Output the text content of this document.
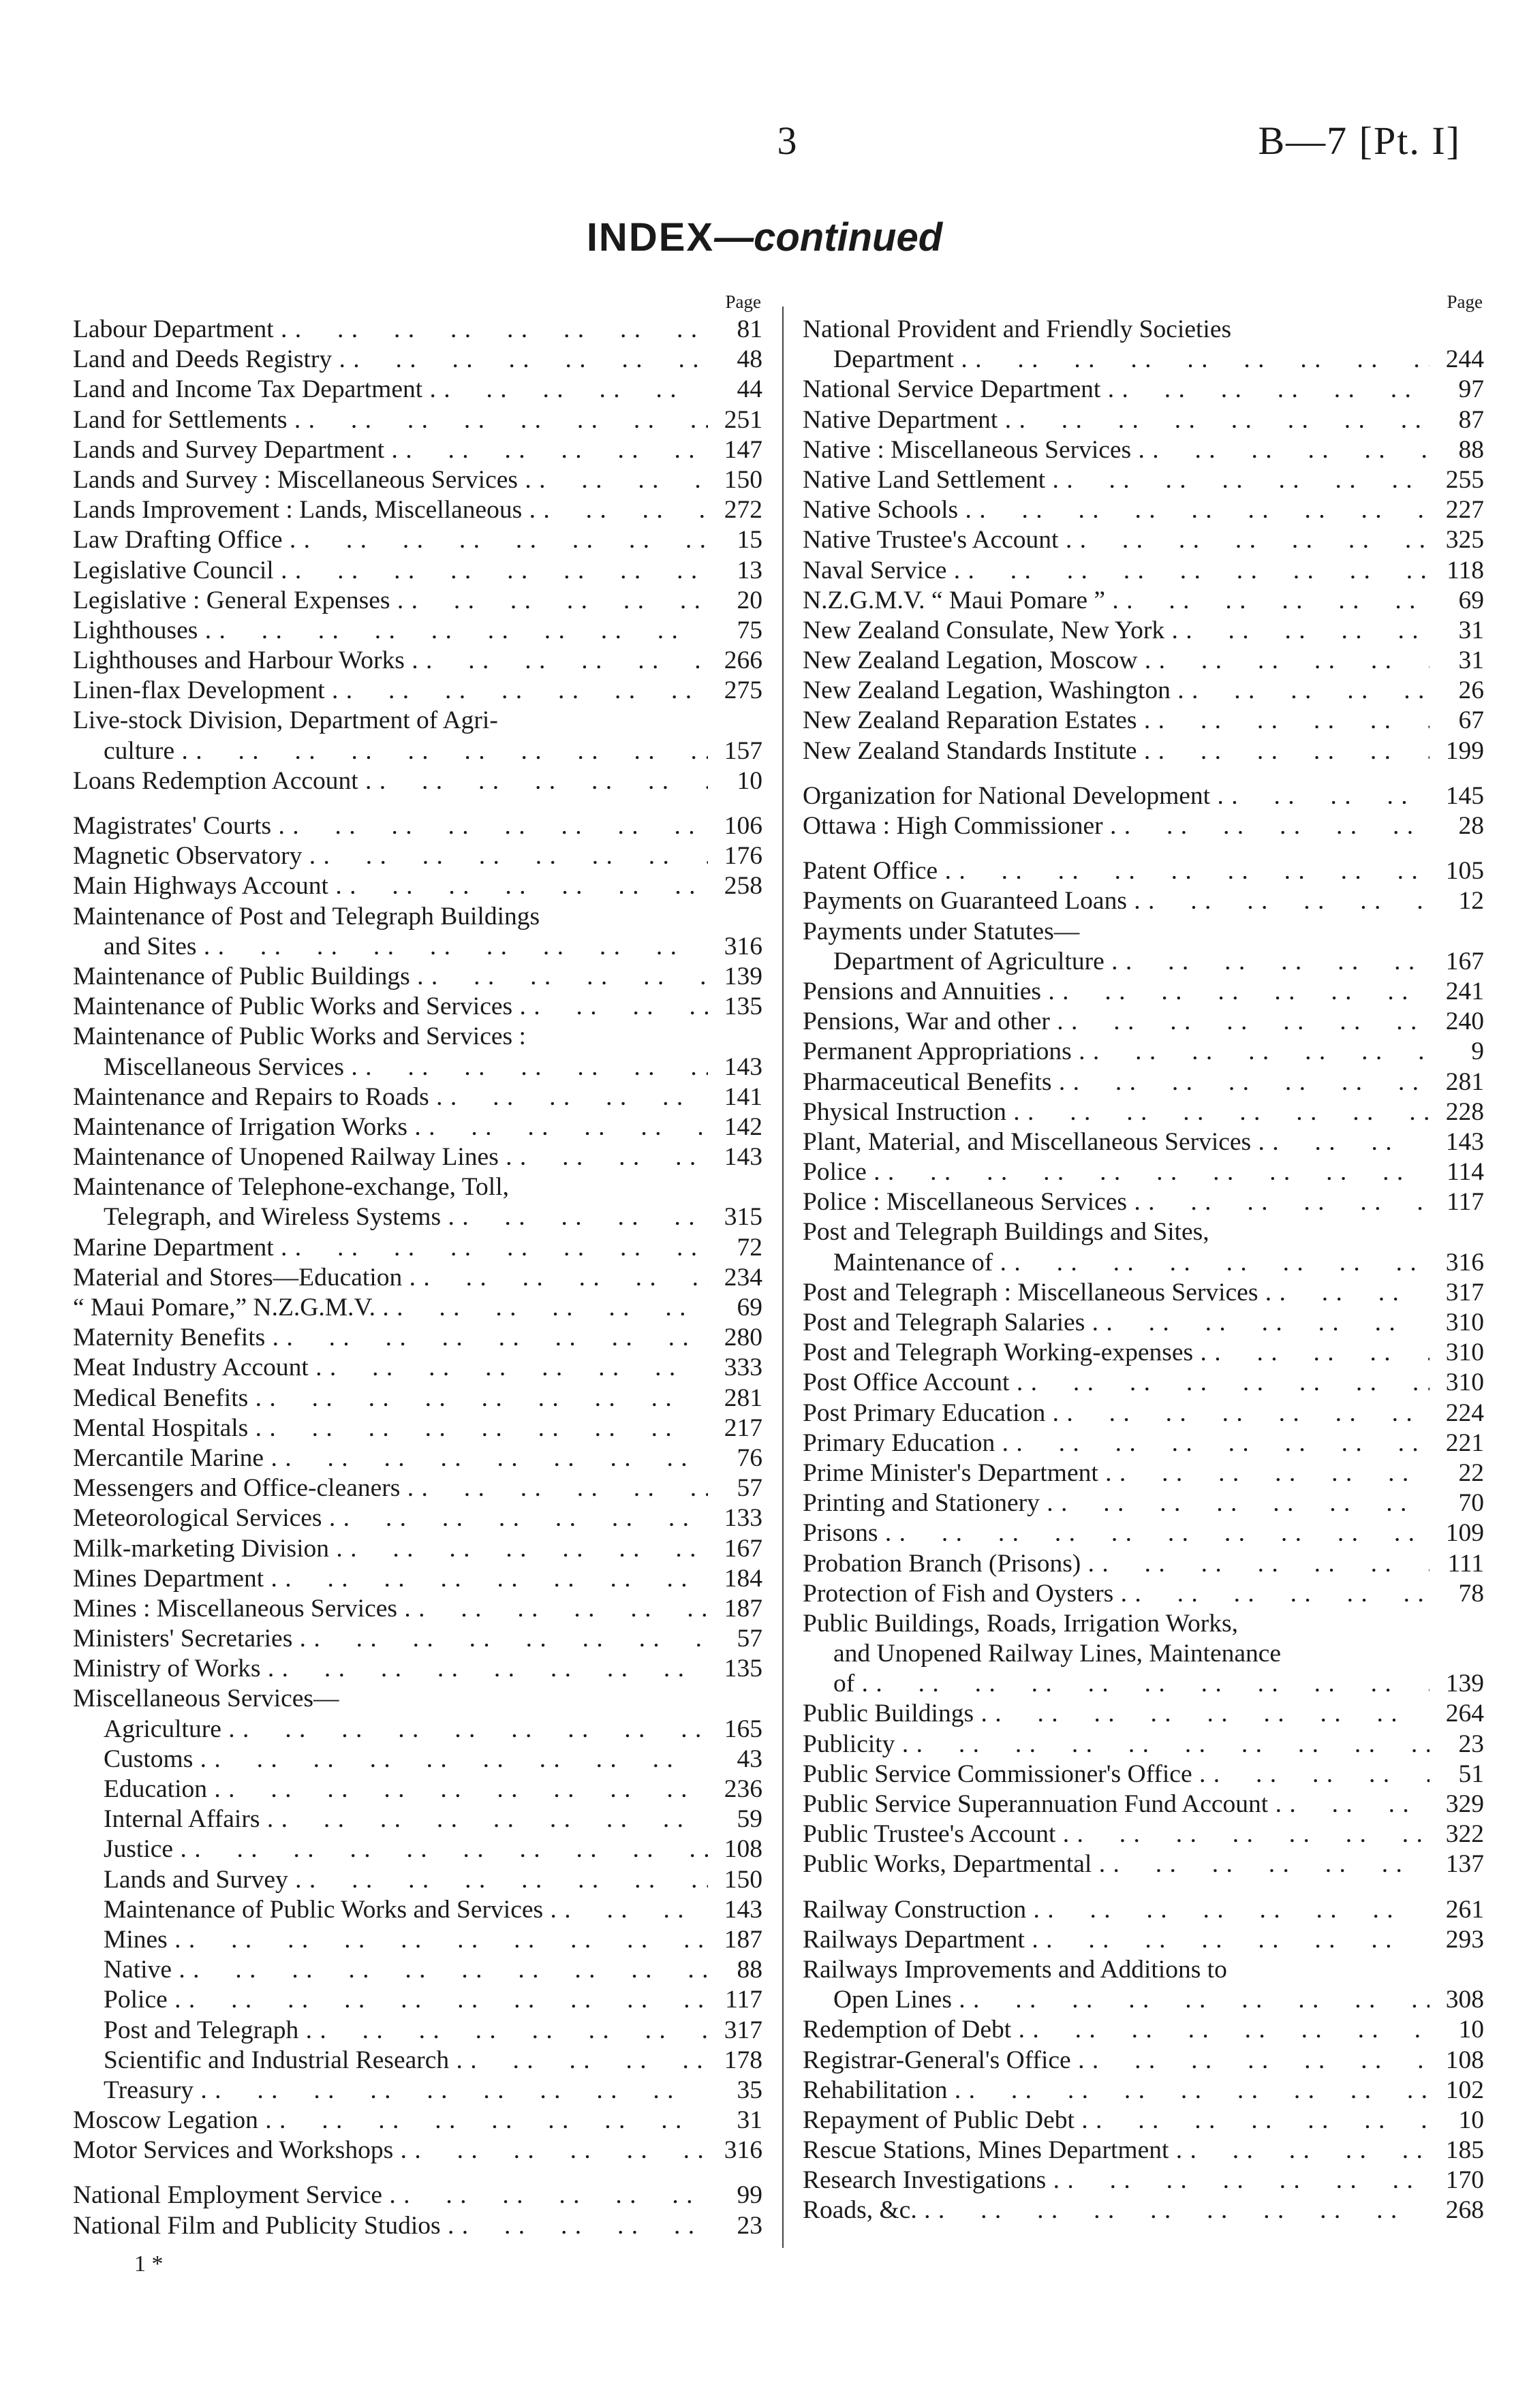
3	B—7 [Pt. I]
INDEX—continued
Page
Labour Department . .	81
Land and Deeds Registry . .	48
Land and Income Tax Department . .	44
Land for Settlements . .	251
Lands and Survey Department . .	147
Lands and Survey : Miscellaneous Services . .	150
Lands Improvement : Lands, Miscellaneous . .	272
Law Drafting Office . .	15
Legislative Council . .	13
Legislative : General Expenses . .	20
Lighthouses . .	75
Lighthouses and Harbour Works . .	266
Linen-flax Development . .	275
Live-stock Division, Department of Agri-
culture . .	157
Loans Redemption Account . .	10
Magistrates' Courts . .	106
Magnetic Observatory . .	176
Main Highways Account . .	258
Maintenance of Post and Telegraph Buildings
and Sites . .	316
Maintenance of Public Buildings . .	139
Maintenance of Public Works and Services . .	135
Maintenance of Public Works and Services :
Miscellaneous Services . .	143
Maintenance and Repairs to Roads . .	141
Maintenance of Irrigation Works . .	142
Maintenance of Unopened Railway Lines . .	143
Maintenance of Telephone-exchange, Toll,
Telegraph, and Wireless Systems . .	315
Marine Department . .	72
Material and Stores—Education . .	234
“ Maui Pomare,” N.Z.G.M.V. . .	69
Maternity Benefits . .	280
Meat Industry Account . .	333
Medical Benefits . .	281
Mental Hospitals . .	217
Mercantile Marine . .	76
Messengers and Office-cleaners . .	57
Meteorological Services . .	133
Milk-marketing Division . .	167
Mines Department . .	184
Mines : Miscellaneous Services . .	187
Ministers' Secretaries . .	57
Ministry of Works . .	135
Miscellaneous Services—
Agriculture . .	165
Customs . .	43
Education . .	236
Internal Affairs . .	59
Justice . .	108
Lands and Survey . .	150
Maintenance of Public Works and Services . .	143
Mines . .	187
Native . .	88
Police . .	117
Post and Telegraph . .	317
Scientific and Industrial Research . .	178
Treasury . .	35
Moscow Legation . .	31
Motor Services and Workshops . .	316
National Employment Service . .	99
National Film and Publicity Studios . .	23
Page
National Provident and Friendly Societies
Department . .	244
National Service Department . .	97
Native Department . .	87
Native : Miscellaneous Services . .	88
Native Land Settlement . .	255
Native Schools . .	227
Native Trustee's Account . .	325
Naval Service . .	118
N.Z.G.M.V. “ Maui Pomare ” . .	69
New Zealand Consulate, New York . .	31
New Zealand Legation, Moscow . .	31
New Zealand Legation, Washington . .	26
New Zealand Reparation Estates . .	67
New Zealand Standards Institute . .	199
Organization for National Development . .	145
Ottawa : High Commissioner . .	28
Patent Office . .	105
Payments on Guaranteed Loans . .	12
Payments under Statutes—
Department of Agriculture . .	167
Pensions and Annuities . .	241
Pensions, War and other . .	240
Permanent Appropriations . .	9
Pharmaceutical Benefits . .	281
Physical Instruction . .	228
Plant, Material, and Miscellaneous Services . .	143
Police . .	114
Police : Miscellaneous Services . .	117
Post and Telegraph Buildings and Sites,
Maintenance of . .	316
Post and Telegraph : Miscellaneous Services . .	317
Post and Telegraph Salaries . .	310
Post and Telegraph Working-expenses . .	310
Post Office Account . .	310
Post Primary Education . .	224
Primary Education . .	221
Prime Minister's Department . .	22
Printing and Stationery . .	70
Prisons . .	109
Probation Branch (Prisons) . .	111
Protection of Fish and Oysters . .	78
Public Buildings, Roads, Irrigation Works,
and Unopened Railway Lines, Maintenance
of . .	139
Public Buildings . .	264
Publicity . .	23
Public Service Commissioner's Office . .	51
Public Service Superannuation Fund Account . .	329
Public Trustee's Account . .	322
Public Works, Departmental . .	137
Railway Construction . .	261
Railways Department . .	293
Railways Improvements and Additions to
Open Lines . .	308
Redemption of Debt . .	10
Registrar-General's Office . .	108
Rehabilitation . .	102
Repayment of Public Debt . .	10
Rescue Stations, Mines Department . .	185
Research Investigations . .	170
Roads, &c. . .	268
1 *
